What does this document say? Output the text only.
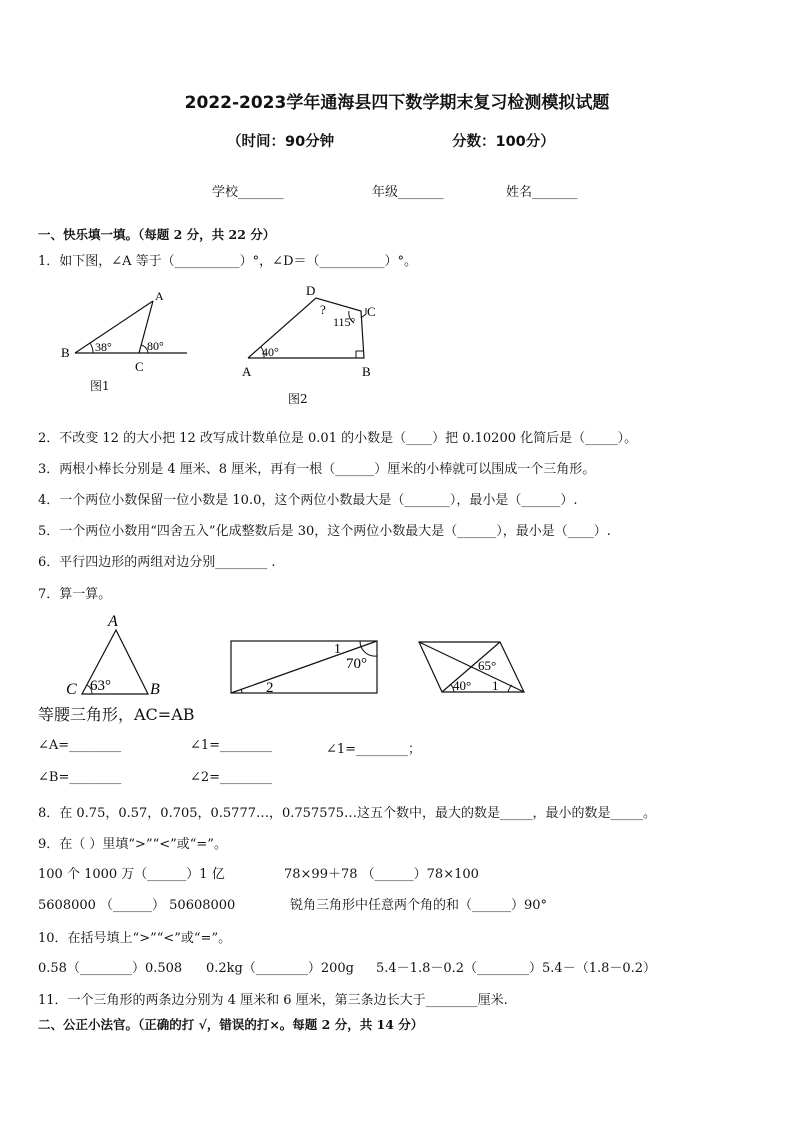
2022-2023学年通海县四下数学期末复习检测模拟试题
（时间：90分钟	分数：100分）
学校_______	年级_______	姓名_______
一、快乐填一填。（每题 2 分，共 22 分）
1．如下图，∠A 等于（__________）°，∠D＝（__________）°。
A
B
C
38°	80°
图1
D
C
A	B
?
115°
40°
图2
2．不改变 12 的大小把 12 改写成计数单位是 0.01 的小数是（____）把 0.10200 化简后是（_____）。
3．两根小棒长分别是 4 厘米、8 厘米，再有一根（______）厘米的小棒就可以围成一个三角形。
4．一个两位小数保留一位小数是 10.0，这个两位小数最大是（_______），最小是（______）.
5．一个两位小数用“四舍五入”化成整数后是 30，这个两位小数最大是（______），最小是（____）.
6．平行四边形的两组对边分别________ .
7．算一算。
A
C	B
63°
1
2
70°	65°
40° 1
等腰三角形，AC=AB
∠A=________	∠1=________	∠1=________；
∠B=________	∠2=________
8．在 0.75，0.57，0.705，0.5777…，0.757575…这五个数中，最大的数是_____，最小的数是_____。
9．在（ ）里填“>”“<”或“=”。
100 个 1000 万（______）1 亿	78×99＋78 （______）78×100
5608000 （______） 50608000	锐角三角形中任意两个角的和（______）90°
10．在括号填上“>”“<”或“=”。
0.58（________）0.508 0.2kg（________）200g 5.4－1.8－0.2（________）5.4－（1.8－0.2）
11．一个三角形的两条边分别为 4 厘米和 6 厘米，第三条边长大于________厘米.
二、公正小法官。（正确的打 √，错误的打×。每题 2 分，共 14 分）
